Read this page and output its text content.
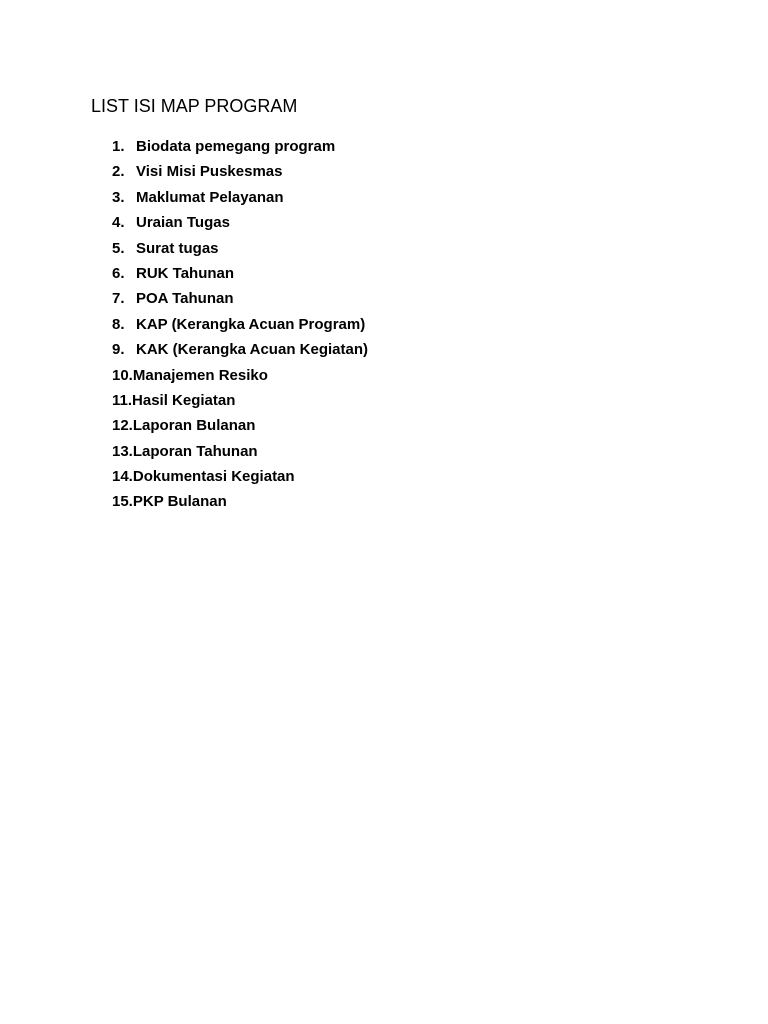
LIST ISI MAP PROGRAM
1. Biodata pemegang program
2. Visi Misi Puskesmas
3. Maklumat Pelayanan
4. Uraian Tugas
5. Surat tugas
6. RUK Tahunan
7. POA Tahunan
8. KAP (Kerangka Acuan Program)
9. KAK (Kerangka Acuan Kegiatan)
10. Manajemen Resiko
11. Hasil Kegiatan
12. Laporan Bulanan
13. Laporan Tahunan
14. Dokumentasi Kegiatan
15. PKP Bulanan
